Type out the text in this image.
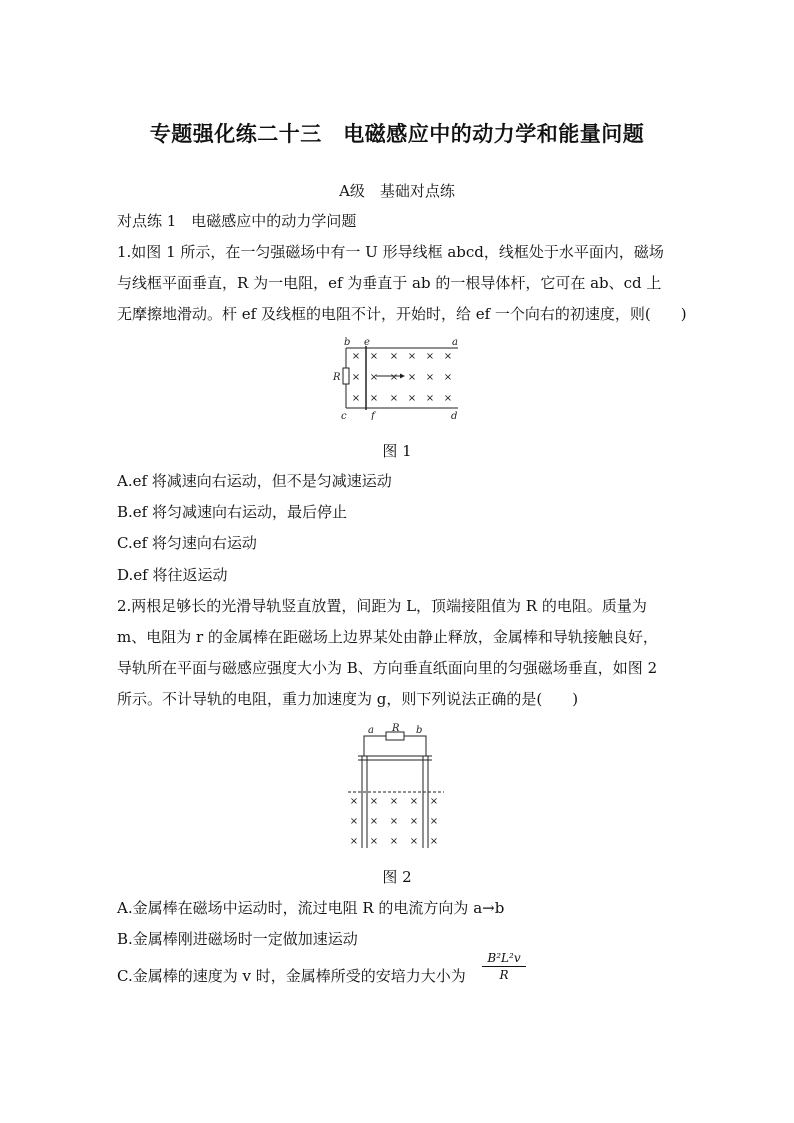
专题强化练二十三　电磁感应中的动力学和能量问题
A级　基础对点练
对点练 1　电磁感应中的动力学问题
1.如图 1 所示，在一匀强磁场中有一 U 形导线框 abcd，线框处于水平面内，磁场
与线框平面垂直，R 为一电阻，ef 为垂直于 ab 的一根导体杆，它可在 ab、cd 上
无摩擦地滑动。杆 ef 及线框的电阻不计，开始时，给 ef 一个向右的初速度，则(　　)
× × × × × ×
× × × × × ×
× × × × × ×
b e	a
R
c f	d
图 1
A.ef 将减速向右运动，但不是匀减速运动
B.ef 将匀减速向右运动，最后停止
C.ef 将匀速向右运动
D.ef 将往返运动
2.两根足够长的光滑导轨竖直放置，间距为 L，顶端接阻值为 R 的电阻。质量为
m、电阻为 r 的金属棒在距磁场上边界某处由静止释放，金属棒和导轨接触良好，
导轨所在平面与磁感应强度大小为 B、方向垂直纸面向里的匀强磁场垂直，如图 2
所示。不计导轨的电阻，重力加速度为 g，则下列说法正确的是(　　)
× × × × ×
× × × × ×
× × × × ×
a R b
图 2
A.金属棒在磁场中运动时，流过电阻 R 的电流方向为 a→b
B.金属棒刚进磁场时一定做加速运动
C.金属棒的速度为 v 时，金属棒所受的安培力大小为 $\frac{\text{B²L²v}}{R}$
